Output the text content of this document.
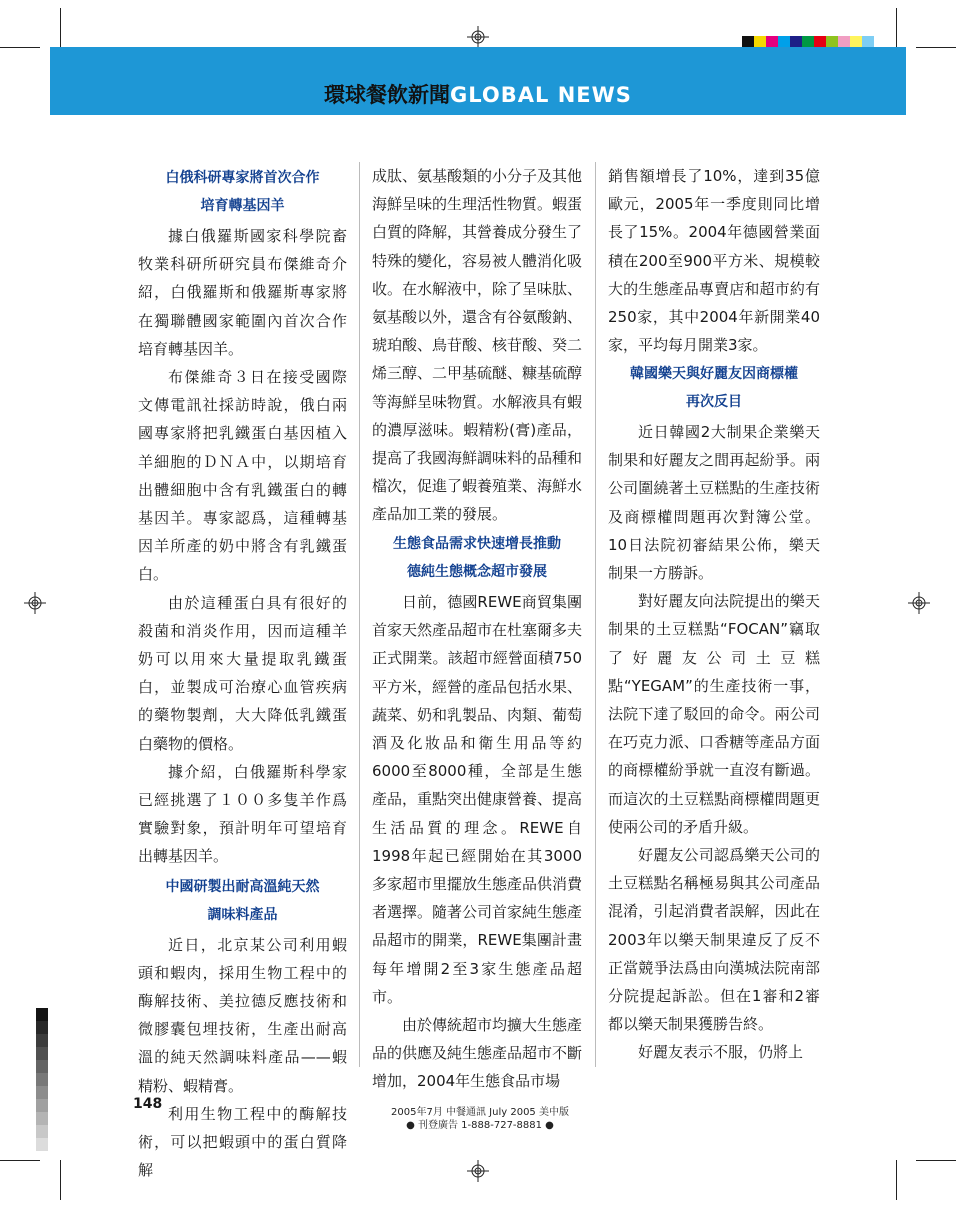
環球餐飲新聞GLOBAL NEWS
白俄科研專家將首次合作
培育轉基因羊

據白俄羅斯國家科學院畜牧業科研所研究員布傑維奇介紹，白俄羅斯和俄羅斯專家將在獨聯體國家範圍內首次合作培育轉基因羊。

布傑維奇３日在接受國際文傳電訊社採訪時說，俄白兩國專家將把乳鐵蛋白基因植入羊細胞的ＤＮＡ中，以期培育出體細胞中含有乳鐵蛋白的轉基因羊。專家認爲，這種轉基因羊所產的奶中將含有乳鐵蛋白。

由於這種蛋白具有很好的殺菌和消炎作用，因而這種羊奶可以用來大量提取乳鐵蛋白，並製成可治療心血管疾病的藥物製劑，大大降低乳鐵蛋白藥物的價格。

據介紹，白俄羅斯科學家已經挑選了１００多隻羊作爲實驗對象，預計明年可望培育出轉基因羊。

中國研製出耐高溫純天然
調味料產品

近日，北京某公司利用蝦頭和蝦肉，採用生物工程中的酶解技術、美拉德反應技術和微膠囊包埋技術，生產出耐高溫的純天然調味料產品——蝦精粉、蝦精膏。

利用生物工程中的酶解技術，可以把蝦頭中的蛋白質降解

成肽、氨基酸類的小分子及其他海鮮呈味的生理活性物質。蝦蛋白質的降解，其營養成分發生了特殊的變化，容易被人體消化吸收。在水解液中，除了呈味肽、氨基酸以外，還含有谷氨酸鈉、琥珀酸、鳥苷酸、核苷酸、癸二烯三醇、二甲基硫醚、糠基硫醇等海鮮呈味物質。水解液具有蝦的濃厚滋味。蝦精粉(膏)產品，提高了我國海鮮調味料的品種和檔次，促進了蝦養殖業、海鮮水產品加工業的發展。

生態食品需求快速增長推動
德純生態概念超市發展

日前，德國REWE商貿集團首家天然產品超市在杜塞爾多夫正式開業。該超市經營面積750平方米，經營的產品包括水果、蔬菜、奶和乳製品、肉類、葡萄酒及化妝品和衛生用品等約6000至8000種，全部是生態產品，重點突出健康營養、提高生活品質的理念。REWE自1998年起已經開始在其3000多家超市里擺放生態產品供消費者選擇。隨著公司首家純生態產品超市的開業，REWE集團計畫每年增開2至3家生態產品超市。

由於傳統超市均擴大生態產品的供應及純生態產品超市不斷增加，2004年生態食品市場

銷售額增長了10%，達到35億歐元，2005年一季度則同比增長了15%。2004年德國營業面積在200至900平方米、規模較大的生態產品專賣店和超市約有250家，其中2004年新開業40家，平均每月開業3家。

韓國樂天與好麗友因商標權
再次反目

近日韓國2大制果企業樂天制果和好麗友之間再起紛爭。兩公司圍繞著土豆糕點的生產技術及商標權問題再次對簿公堂。10日法院初審結果公佈，樂天制果一方勝訴。

對好麗友向法院提出的樂天制果的土豆糕點“FOCAN”竊取了好麗友公司土豆糕點“YEGAM”的生產技術一事，法院下達了駁回的命令。兩公司在巧克力派、口香糖等產品方面的商標權紛爭就一直沒有斷過。而這次的土豆糕點商標權問題更使兩公司的矛盾升級。

好麗友公司認爲樂天公司的土豆糕點名稱極易與其公司產品混淆，引起消費者誤解，因此在2003年以樂天制果違反了反不正當競爭法爲由向漢城法院南部分院提起訴訟。但在1審和2審都以樂天制果獲勝告終。

好麗友表示不服，仍將上

148
2005年7月 中餐通訊 July 2005 美中版
● 刊登廣告 1-888-727-8881 ●
